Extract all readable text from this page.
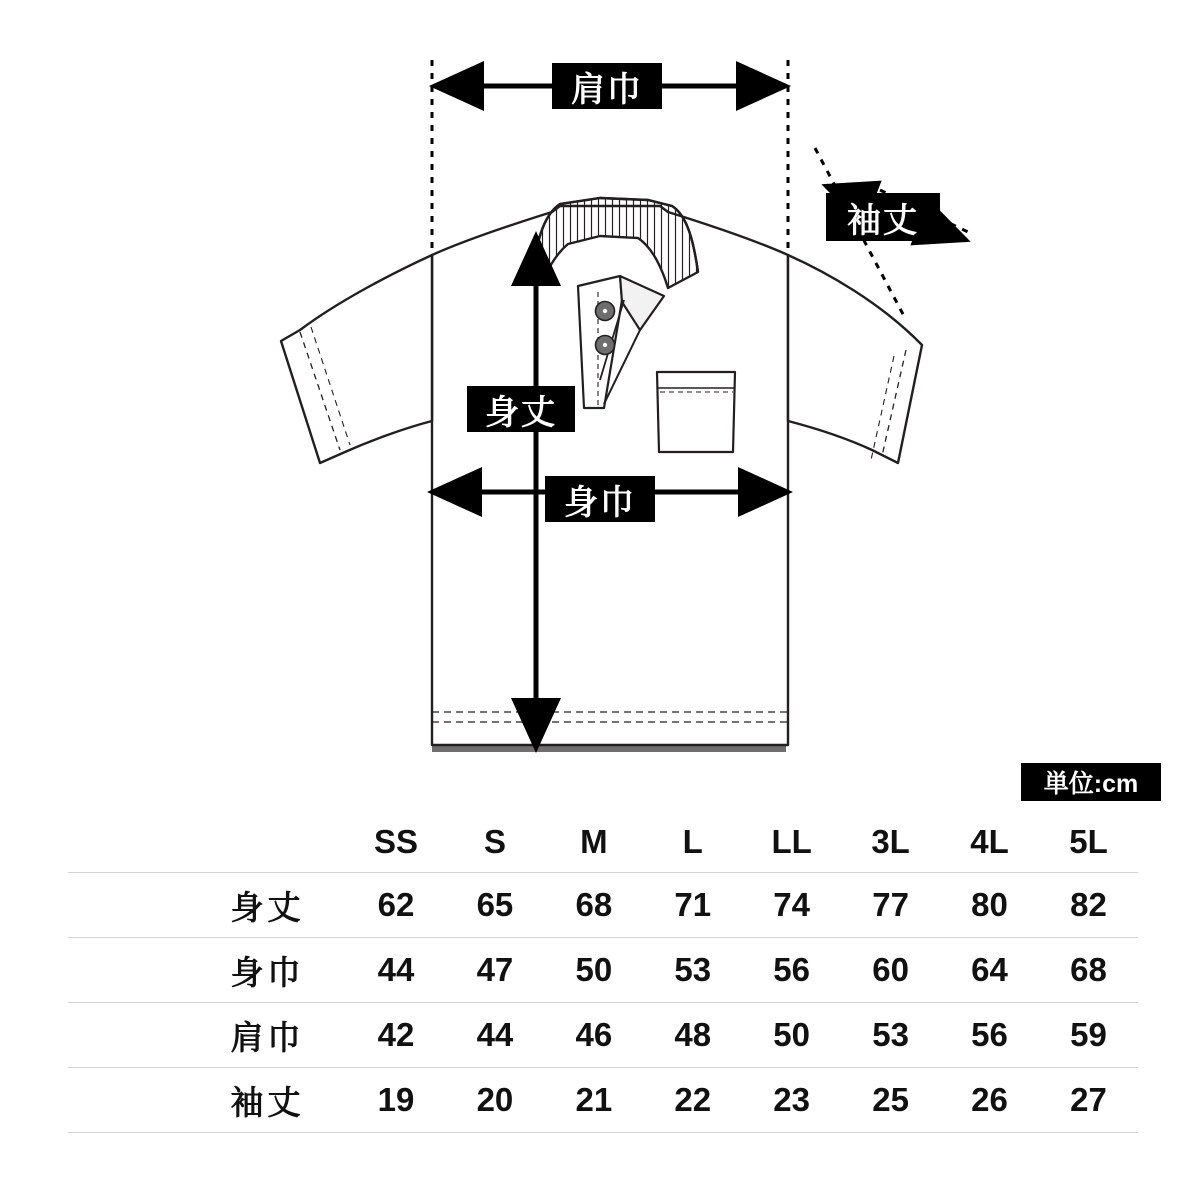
肩巾
袖丈
身丈
身巾
単位:cm
	SS	S	M	L	LL	3L	4L	5L
身丈	62	65	68	71	74	77	80	82
身巾	44	47	50	53	56	60	64	68
肩巾	42	44	46	48	50	53	56	59
袖丈	19	20	21	22	23	25	26	27
